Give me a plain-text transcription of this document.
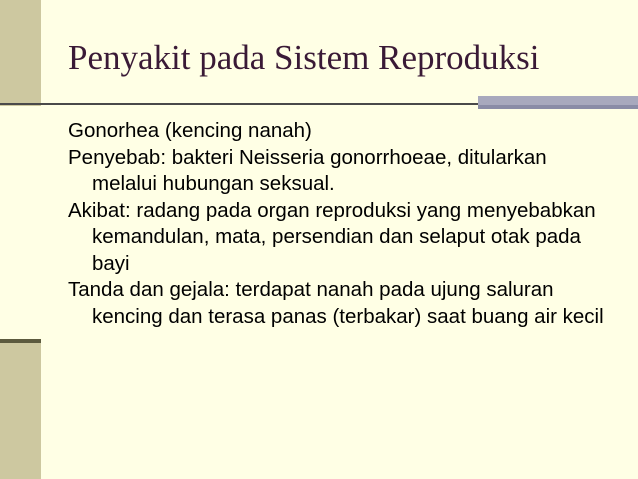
Penyakit pada Sistem Reproduksi
Gonorhea (kencing nanah)
Penyebab: bakteri Neisseria gonorrhoeae, ditularkan melalui hubungan seksual.
Akibat: radang pada organ reproduksi yang menyebabkan kemandulan, mata, persendian dan selaput otak pada bayi
Tanda dan gejala: terdapat nanah pada ujung saluran kencing dan terasa panas (terbakar) saat buang air kecil
